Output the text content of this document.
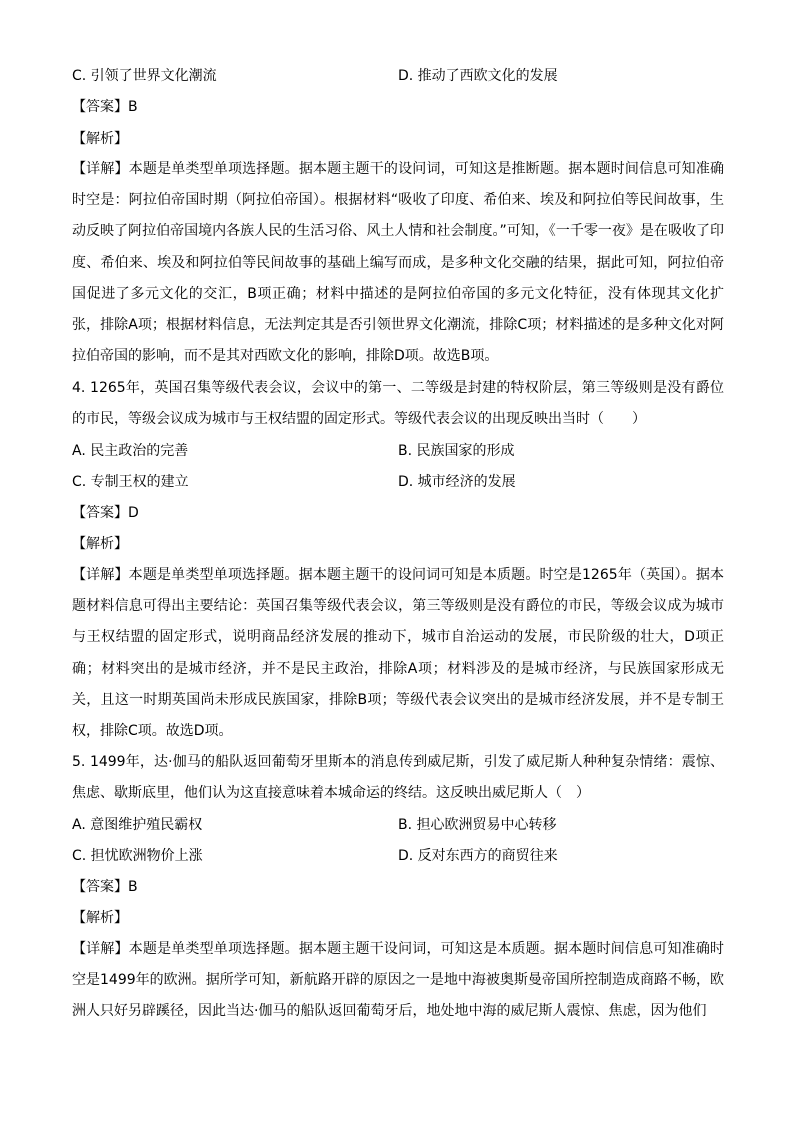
C. 引领了世界文化潮流	D. 推动了西欧文化的发展
【答案】B
【解析】
【详解】本题是单类型单项选择题。据本题主题干的设问词，可知这是推断题。据本题时间信息可知准确时空是：阿拉伯帝国时期（阿拉伯帝国）。根据材料“吸收了印度、希伯来、埃及和阿拉伯等民间故事，生动反映了阿拉伯帝国境内各族人民的生活习俗、风土人情和社会制度。”可知，《一千零一夜》是在吸收了印度、希伯来、埃及和阿拉伯等民间故事的基础上编写而成，是多种文化交融的结果，据此可知，阿拉伯帝国促进了多元文化的交汇，B项正确；材料中描述的是阿拉伯帝国的多元文化特征，没有体现其文化扩张，排除A项；根据材料信息，无法判定其是否引领世界文化潮流，排除C项；材料描述的是多种文化对阿拉伯帝国的影响，而不是其对西欧文化的影响，排除D项。故选B项。
4. 1265年，英国召集等级代表会议，会议中的第一、二等级是封建的特权阶层，第三等级则是没有爵位的市民，等级会议成为城市与王权结盟的固定形式。等级代表会议的出现反映出当时（　　）
A. 民主政治的完善	B. 民族国家的形成
C. 专制王权的建立	D. 城市经济的发展
【答案】D
【解析】
【详解】本题是单类型单项选择题。据本题主题干的设问词可知是本质题。时空是1265年（英国）。据本题材料信息可得出主要结论：英国召集等级代表会议，第三等级则是没有爵位的市民，等级会议成为城市与王权结盟的固定形式，说明商品经济发展的推动下，城市自治运动的发展，市民阶级的壮大，D项正确；材料突出的是城市经济，并不是民主政治，排除A项；材料涉及的是城市经济，与民族国家形成无关，且这一时期英国尚未形成民族国家，排除B项；等级代表会议突出的是城市经济发展，并不是专制王权，排除C项。故选D项。
5. 1499年，达·伽马的船队返回葡萄牙里斯本的消息传到威尼斯，引发了威尼斯人种种复杂情绪：震惊、焦虑、歇斯底里，他们认为这直接意味着本城命运的终结。这反映出威尼斯人（　）
A. 意图维护殖民霸权	B. 担心欧洲贸易中心转移
C. 担忧欧洲物价上涨	D. 反对东西方的商贸往来
【答案】B
【解析】
【详解】本题是单类型单项选择题。据本题主题干设问词，可知这是本质题。据本题时间信息可知准确时空是1499年的欧洲。据所学可知，新航路开辟的原因之一是地中海被奥斯曼帝国所控制造成商路不畅，欧洲人只好另辟蹊径，因此当达·伽马的船队返回葡萄牙后，地处地中海的威尼斯人震惊、焦虑，因为他们
